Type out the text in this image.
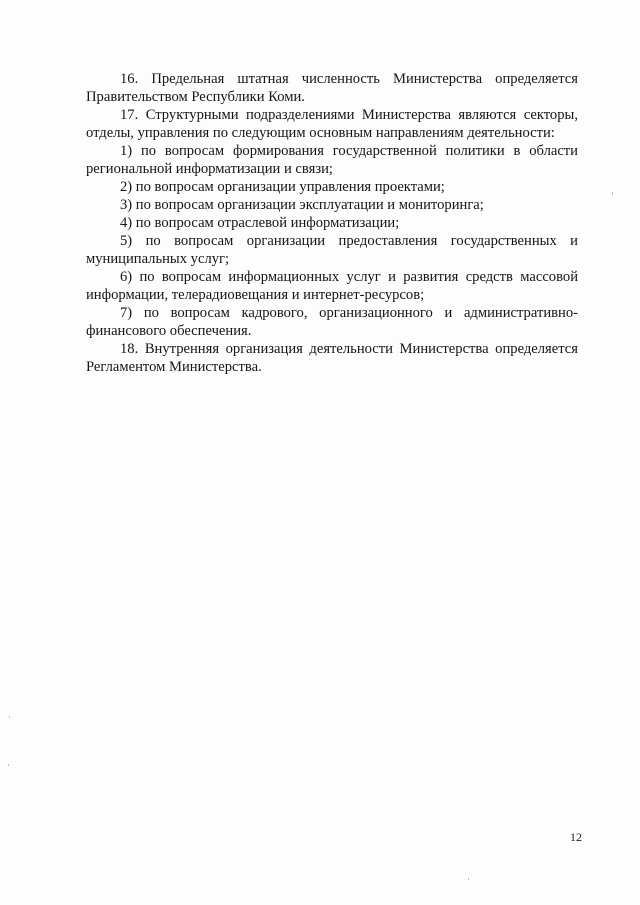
16. Предельная штатная численность Министерства определяется Правительством Республики Коми.

17. Структурными подразделениями Министерства являются секторы, отделы, управления по следующим основным направлениям деятельности:

1) по вопросам формирования государственной политики в области региональной информатизации и связи;

2) по вопросам организации управления проектами;

3) по вопросам организации эксплуатации и мониторинга;

4) по вопросам отраслевой информатизации;

5) по вопросам организации предоставления государственных и муниципальных услуг;

6) по вопросам информационных услуг и развития средств массовой информации, телерадиовещания и интернет-ресурсов;

7) по вопросам кадрового, организационного и административно-финансового обеспечения.

18. Внутренняя организация деятельности Министерства определяется Регламентом Министерства.

12
